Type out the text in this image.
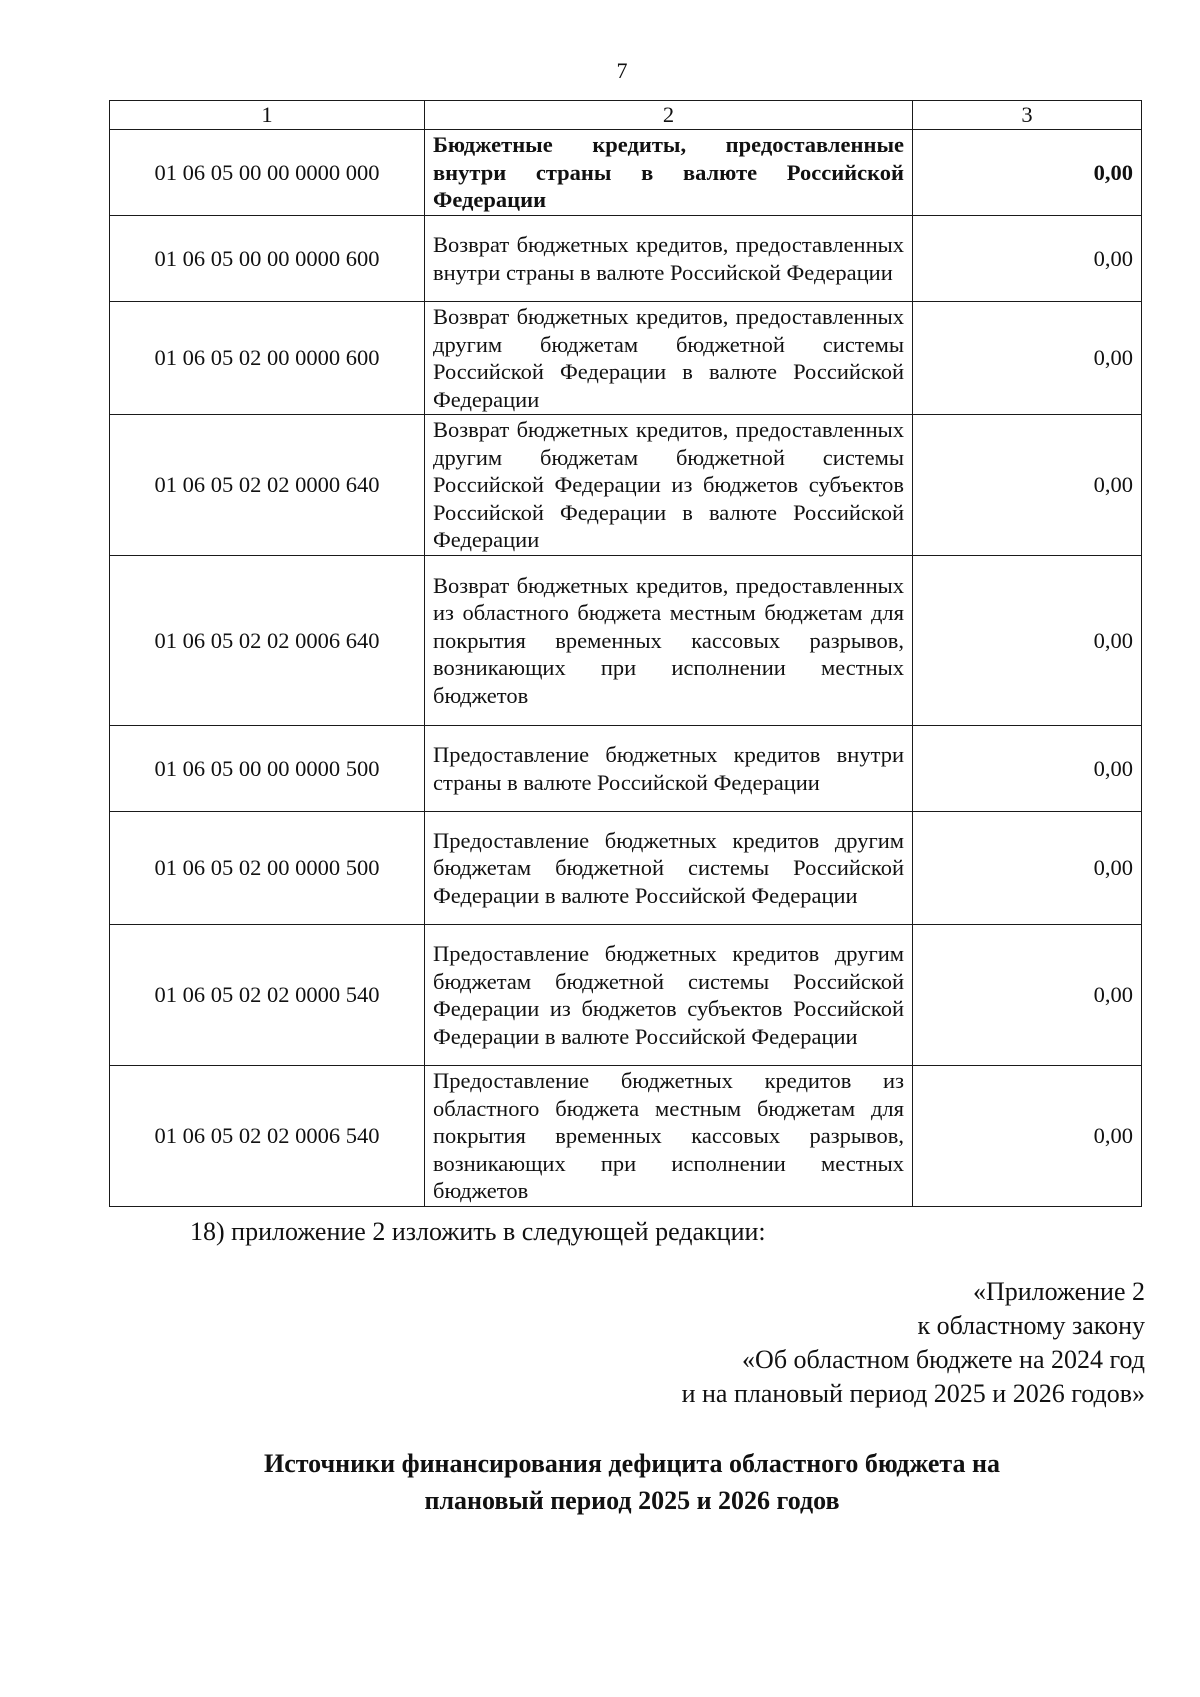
7
1	2	3
01 06 05 00 00 0000 000	Бюджетные кредиты, предоставленные внутри страны в валюте Российской Федерации	0,00
01 06 05 00 00 0000 600	Возврат бюджетных кредитов, предоставленных внутри страны в валюте Российской Федерации	0,00
01 06 05 02 00 0000 600	Возврат бюджетных кредитов, предоставленных другим бюджетам бюджетной системы Российской Федерации в валюте Российской Федерации	0,00
01 06 05 02 02 0000 640	Возврат бюджетных кредитов, предоставленных другим бюджетам бюджетной системы Российской Федерации из бюджетов субъектов Российской Федерации в валюте Российской Федерации	0,00
01 06 05 02 02 0006 640	Возврат бюджетных кредитов, предоставленных из областного бюджета местным бюджетам для покрытия временных кассовых разрывов, возникающих при исполнении местных бюджетов	0,00
01 06 05 00 00 0000 500	Предоставление бюджетных кредитов внутри страны в валюте Российской Федерации	0,00
01 06 05 02 00 0000 500	Предоставление бюджетных кредитов другим бюджетам бюджетной системы Российской Федерации в валюте Российской Федерации	0,00
01 06 05 02 02 0000 540	Предоставление бюджетных кредитов другим бюджетам бюджетной системы Российской Федерации из бюджетов субъектов Российской Федерации в валюте Российской Федерации	0,00
01 06 05 02 02 0006 540	Предоставление бюджетных кредитов из областного бюджета местным бюджетам для покрытия временных кассовых разрывов, возникающих при исполнении местных бюджетов	0,00
18) приложение 2 изложить в следующей редакции:
«Приложение 2
к областному закону
«Об областном бюджете на 2024 год
и на плановый период 2025 и 2026 годов»
Источники финансирования дефицита областного бюджета на
плановый период 2025 и 2026 годов
